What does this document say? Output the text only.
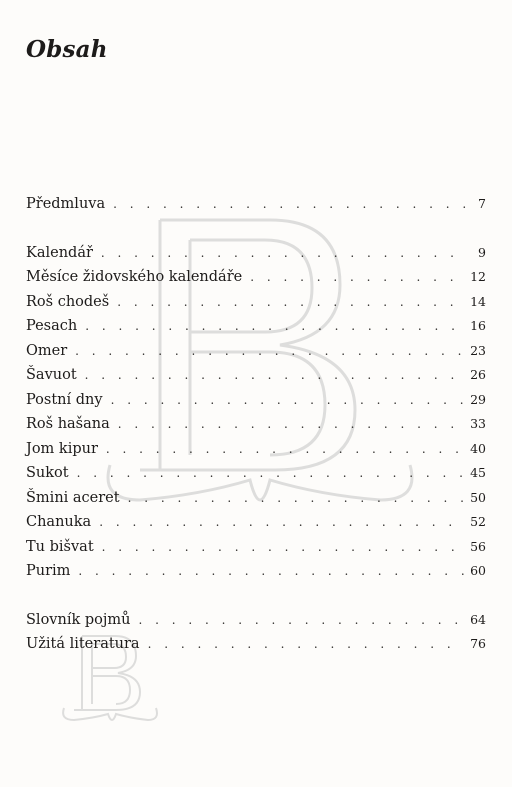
Obsah
Předmluva . . .	7
Kalendář . . .	9
Měsíce židovského kalendáře . . .	12
Roš chodeš . . .	14
Pesach . . .	16
Omer . . .	23
Šavuot . . .	26
Postní dny . . .	29
Roš hašana . . .	33
Jom kipur . . .	40
Sukot . . .	45
Šmini aceret . . .	50
Chanuka . . .	52
Tu bišvat . . .	56
Purim . . .	60
Slovník pojmů . . .	64
Užitá literatura . . .	76
